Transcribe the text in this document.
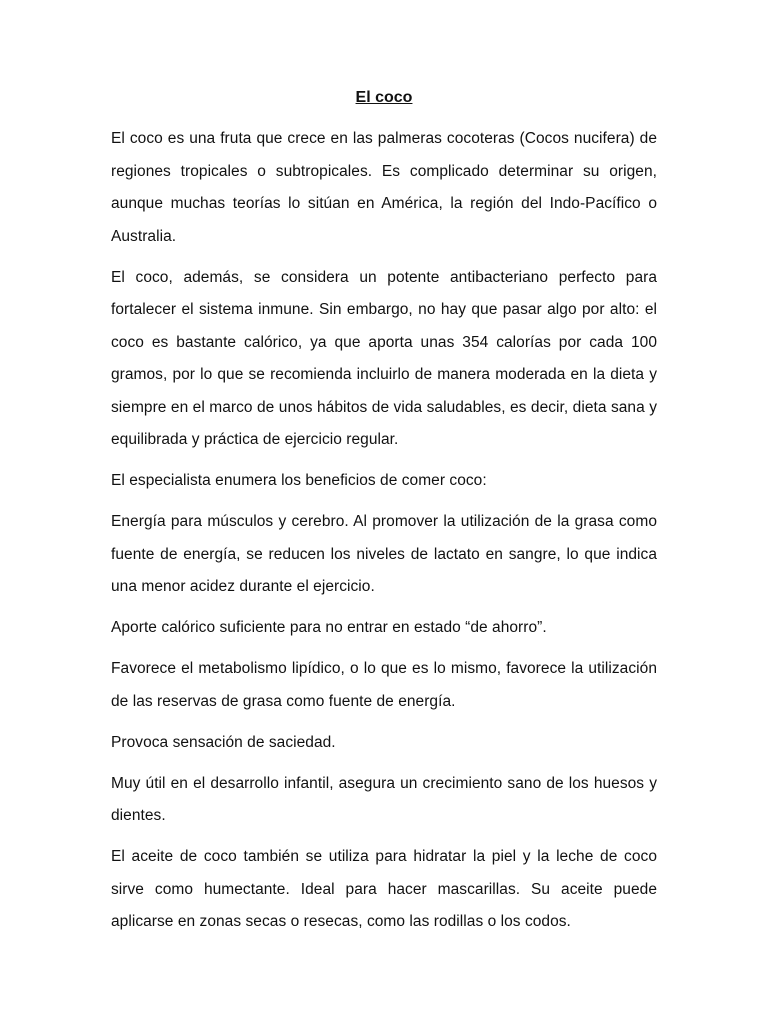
El coco

El coco es una fruta que crece en las palmeras cocoteras (Cocos nucifera) de regiones tropicales o subtropicales. Es complicado determinar su origen, aunque muchas teorías lo sitúan en América, la región del Indo-Pacífico o Australia.

El coco, además, se considera un potente antibacteriano perfecto para fortalecer el sistema inmune. Sin embargo, no hay que pasar algo por alto: el coco es bastante calórico, ya que aporta unas 354 calorías por cada 100 gramos, por lo que se recomienda incluirlo de manera moderada en la dieta y siempre en el marco de unos hábitos de vida saludables, es decir, dieta sana y equilibrada y práctica de ejercicio regular.

El especialista enumera los beneficios de comer coco:

Energía para músculos y cerebro. Al promover la utilización de la grasa como fuente de energía, se reducen los niveles de lactato en sangre, lo que indica una menor acidez durante el ejercicio.

Aporte calórico suficiente para no entrar en estado “de ahorro”.

Favorece el metabolismo lipídico, o lo que es lo mismo, favorece la utilización de las reservas de grasa como fuente de energía.

Provoca sensación de saciedad.

Muy útil en el desarrollo infantil, asegura un crecimiento sano de los huesos y dientes.

El aceite de coco también se utiliza para hidratar la piel y la leche de coco sirve como humectante. Ideal para hacer mascarillas. Su aceite puede aplicarse en zonas secas o resecas, como las rodillas o los codos.
